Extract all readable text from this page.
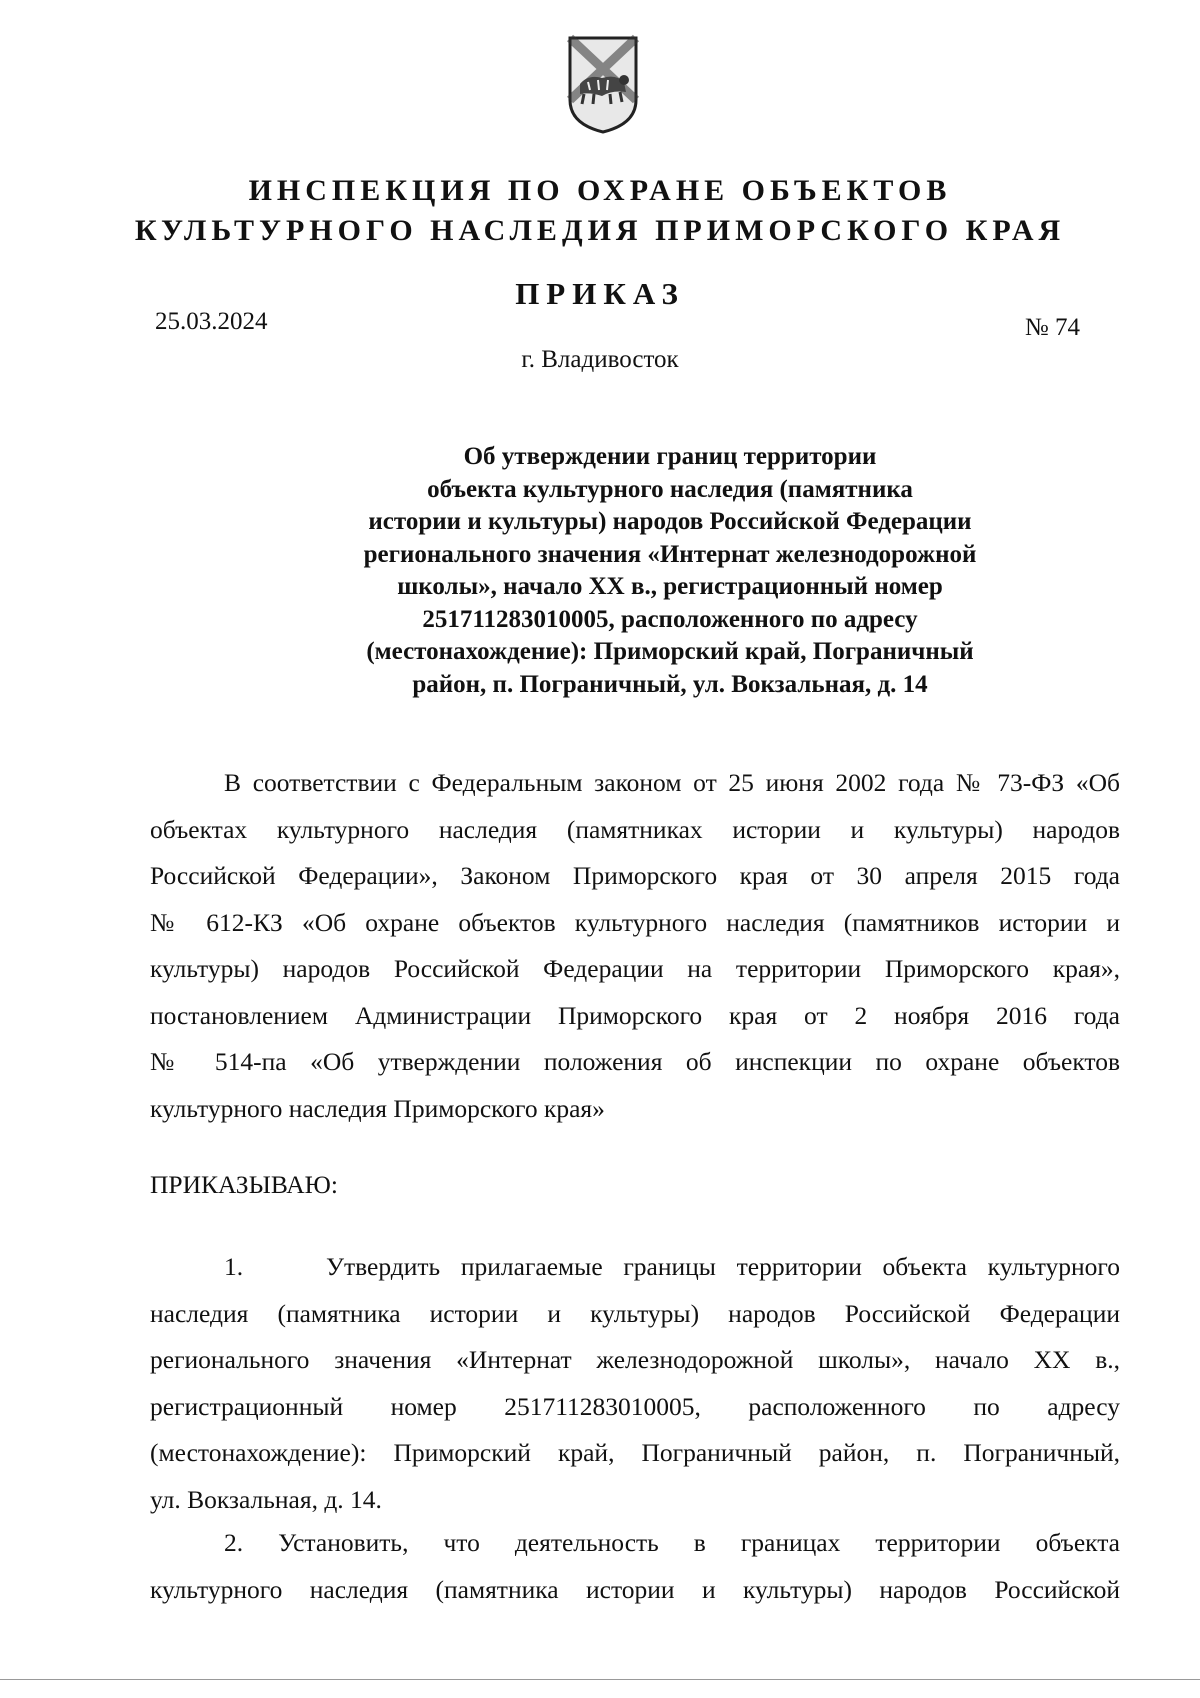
ИНСПЕКЦИЯ ПО ОХРАНЕ ОБЪЕКТОВ
КУЛЬТУРНОГО НАСЛЕДИЯ ПРИМОРСКОГО КРАЯ
ПРИКАЗ
25.03.2024	№ 74
г. Владивосток
Об утверждении границ территории
объекта культурного наследия (памятника
истории и культуры) народов Российской Федерации
регионального значения «Интернат железнодорожной
школы», начало XX в., регистрационный номер
251711283010005, расположенного по адресу
(местонахождение): Приморский край, Пограничный
район, п. Пограничный, ул. Вокзальная, д. 14
В соответствии с Федеральным законом от 25 июня 2002 года № 73-ФЗ «Об
объектах культурного наследия (памятниках истории и культуры) народов
Российской Федерации», Законом Приморского края от 30 апреля 2015 года
№ 612-КЗ «Об охране объектов культурного наследия (памятников истории и
культуры) народов Российской Федерации на территории Приморского края»,
постановлением Администрации Приморского края от 2 ноября 2016 года
№ 514-па «Об утверждении положения об инспекции по охране объектов
культурного наследия Приморского края»
ПРИКАЗЫВАЮ:
1.    Утвердить прилагаемые границы территории объекта культурного
наследия (памятника истории и культуры) народов Российской Федерации
регионального значения «Интернат железнодорожной школы», начало XX в.,
регистрационный номер 251711283010005, расположенного по адресу
(местонахождение): Приморский край, Пограничный район, п. Пограничный,
ул. Вокзальная, д. 14.
2. Установить, что деятельность в границах территории объекта
культурного наследия (памятника истории и культуры) народов Российской
